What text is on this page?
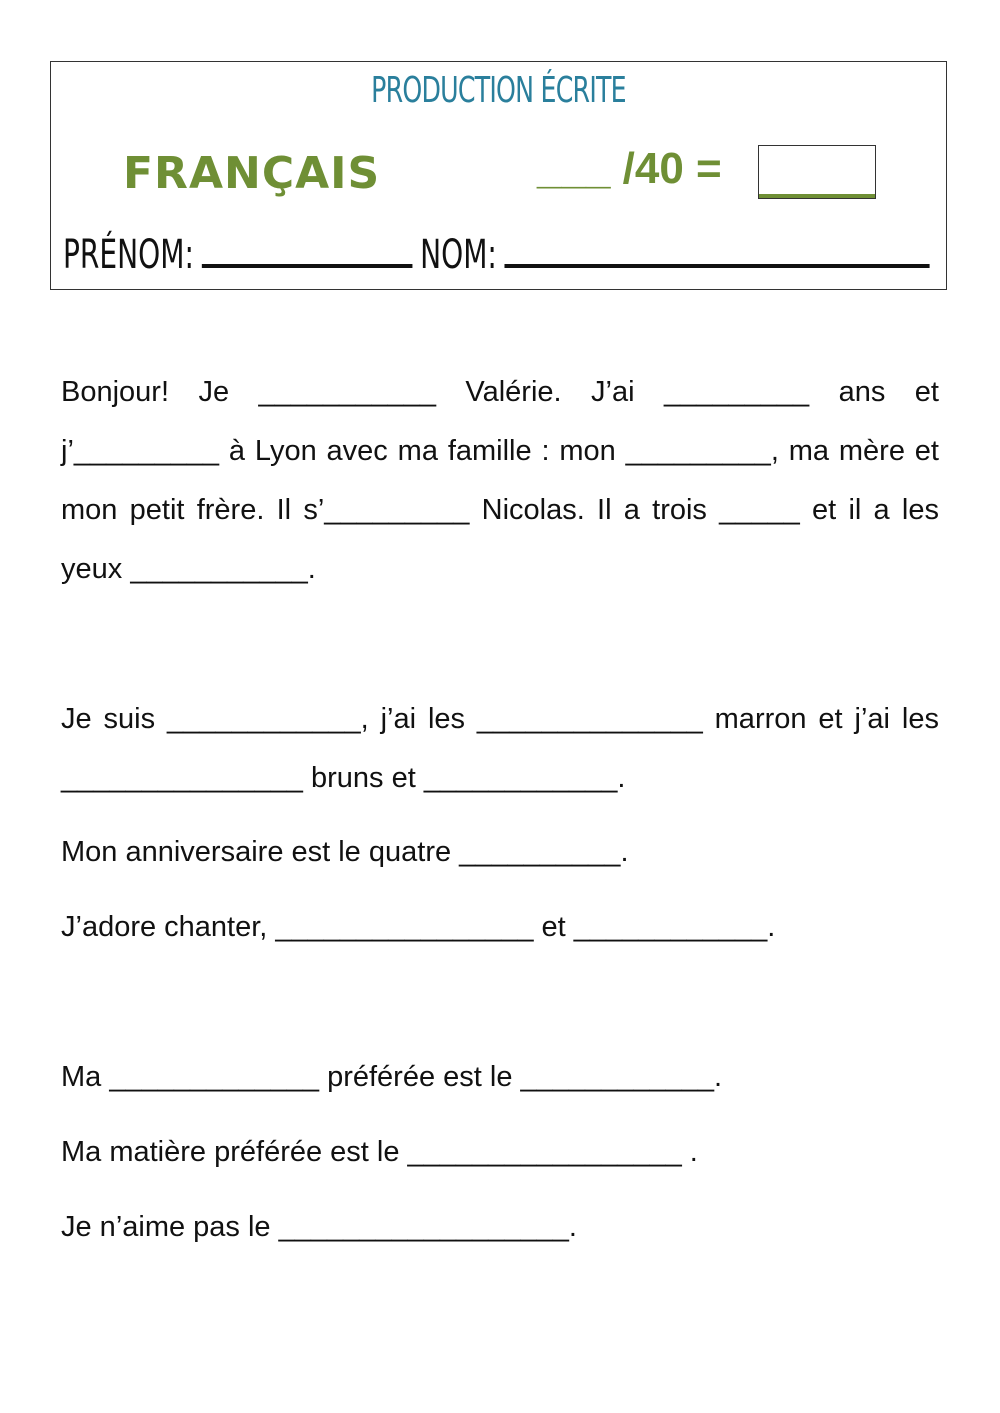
PRODUCTION ÉCRITE
FRANÇAIS	___ /40 =
PRÉNOM:	NOM:

Bonjour! Je ___________ Valérie. J’ai _________ ans et j’_________ à Lyon avec ma famille : mon _________, ma mère et mon petit frère. Il s’_________ Nicolas. Il a trois _____ et il a les yeux ___________.

Je suis ____________, j’ai les ______________ marron et j’ai les _______________ bruns et ____________.

Mon anniversaire est le quatre __________.

J’adore chanter, ________________ et ____________.

Ma _____________ préférée est le ____________.

Ma matière préférée est le _________________ .

Je n’aime pas le __________________.
